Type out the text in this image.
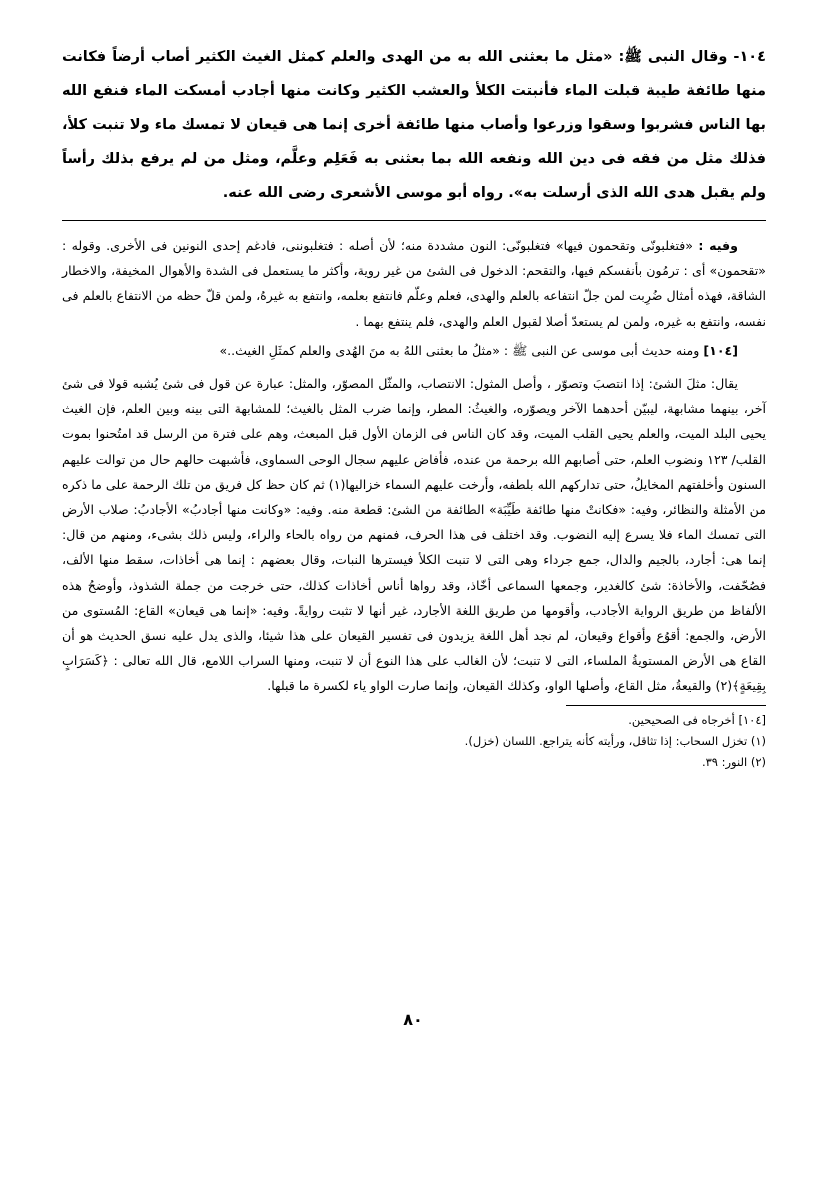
١٠٤- وقال النبى ﷺ: «مثل ما بعثنى الله به من الهدى والعلم كمثل الغيث الكثير أصاب أرضاً فكانت منها طائفة طيبة قبلت الماء فأنبتت الكلأ والعشب الكثير وكانت منها أجادب أمسكت الماء فنفع الله بها الناس فشربوا وسقوا وزرعوا وأصاب منها طائفة أخرى إنما هى قيعان لا تمسك ماء ولا تنبت كلأ، فذلك مثل من فقه فى دين الله ونفعه الله بما بعثنى به فَعَلِم وعلَّم، ومثل من لم يرفع بذلك رأساً ولم يقبل هدى الله الذى أرسلت به». رواه أبو موسى الأشعرى رضى الله عنه.

وفيه : «فتغلبونّى وتقحمون فيها» فتغلبونّى: النون مشددة منه؛ لأن أصله : فتغلبوننى، فادغم إحدى النونين فى الأخرى. وقوله : «تقحمون» أى : ترمُون بأنفسكم فيها، والتقحم: الدخول فى الشئ من غير روية، وأكثر ما يستعمل فى الشدة والأهوال المخيفة، والاخطار الشاقة، فهذه أمثال ضُرِبت لمن جلّ انتفاعه بالعلم والهدى، فعلم وعلّم فانتفع بعلمه، وانتفع به غيرهُ، ولمن قلّ حظه من الانتفاع بالعلم فى نفسه، وانتفع به غيره، ولمن لم يستعدّ أصلا لقبول العلم والهدى، فلم ينتفع بهما .

[١٠٤] ومنه حديث أبى موسى عن النبى ﷺ : «مثلُ ما بعثنى اللهُ به منَ الهُدى والعلم كمثَلِ الغيث..»
يقال: مثلَ الشئ: إذا انتصبَ وتصوّر ، وأصل المثول: الانتصاب، والمثّل المصوّر، والمثل: عبارة عن قول فى شئ يُشبه قولا فى شئ آخر، بينهما مشابهة، ليبيّن أحدهما الآخر ويصوّره، والغيثُ: المطر، وإنما ضرب المثل بالغيث؛ للمشابهة التى بينه وبين العلم، فإن الغيث يحيى البلد الميت، والعلم يحيى القلب الميت، وقد كان الناس فى الزمان الأول قبل المبعث، وهم على فترة من الرسل قد امتُحنوا بموت القلب/ ١٢٣ ونضوب العلم، حتى أصابهم الله برحمة من عنده، فأفاض عليهم سجال الوحى السماوى، فأشبهت حالهم حال من توالت عليهم السنون وأخلفتهم المخايلُ، حتى تداركهم الله بلطفه، وأرخت عليهم السماء خزاليها(١) ثم كان حظ كل فريق من تلك الرحمة على ما ذكره من الأمثلة والنظائر، وفيه: «فكانتْ منها طائفة طَيِّبَة» الطائفة من الشئ: قطعة منه. وفيه: «وكانت منها أجادبُ» الأجادبُ: صلاب الأرض التى تمسك الماء فلا يسرع إليه النضوب. وقد اختلف فى هذا الحرف، فمنهم من رواه بالحاء والراء، وليس ذلك بشىء، ومنهم من قال: إنما هى: أجارد، بالجيم والدال، جمع جرداء وهى التى لا تنبت الكلأ فيسترها النبات، وقال بعضهم : إنما هى أخاذات، سقط منها الألف، فصُحّفت، والأخاذة: شئ كالغدير، وجمعها السماعى أخّاذ، وقد رواها أناس أخاذات كذلك، حتى خرجت من جملة الشذوذ، وأوضحُ هذه الألفاظ من طريق الرواية الأجادب، وأقومها من طريق اللغة الأجارد، غير أنها لا تثبت روايةً. وفيه: «إنما هى قيعان» القاع: المُستوى من الأرض، والجمع: أقوُع وأقواع وقيعان، لم نجد أهل اللغة يزيدون فى تفسير القيعان على هذا شيئا، والذى يدل عليه نسق الحديث هو أن القاع هى الأرض المستويةُ الملساء، التى لا تنبت؛ لأن الغالب على هذا النوع أن لا تنبت، ومنها السراب اللامع، قال الله تعالى : ﴿كَسَرَابٍ بِقِيعَةٍ﴾(٢) والقيعةُ، مثل القاع، وأصلها الواو، وكذلك القيعان، وإنما صارت الواو ياء لكسرة ما قبلها.
[١٠٤] أخرجاه فى الصحيحين.
(١) تخزل السحاب: إذا تثاقل، ورأيته كأنه يتراجع. اللسان (خزل).
(٢) النور: ٣٩.
٨٠
